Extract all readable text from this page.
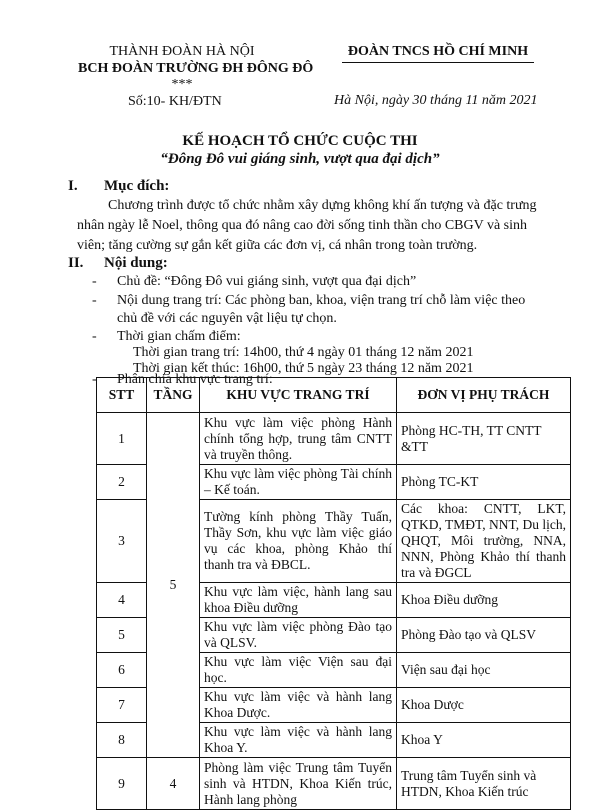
THÀNH ĐOÀN HÀ NỘI
BCH ĐOÀN TRƯỜNG ĐH ĐÔNG ĐÔ
***
Số:10- KH/ĐTN
ĐOÀN TNCS HỒ CHÍ MINH
Hà Nội, ngày 30 tháng 11 năm 2021
KẾ HOẠCH TỔ CHỨC CUỘC THI
“Đông Đô vui giáng sinh, vượt qua đại dịch”
I. Mục đích:
Chương trình được tổ chức nhằm xây dựng không khí ấn tượng và đặc trưng
nhân ngày lễ Noel, thông qua đó nâng cao đời sống tinh thần cho CBGV và sinh
viên; tăng cường sự gắn kết giữa các đơn vị, cá nhân trong toàn trường.
II. Nội dung:
- Chủ đề: “Đông Đô vui giáng sinh, vượt qua đại dịch”
- Nội dung trang trí: Các phòng ban, khoa, viện trang trí chỗ làm việc theo
chủ đề với các nguyên vật liệu tự chọn.
- Thời gian chấm điểm:
Thời gian trang trí: 14h00, thứ 4 ngày 01 tháng 12 năm 2021
Thời gian kết thúc: 16h00, thứ 5 ngày 23 tháng 12 năm 2021
- Phân chia khu vực trang trí:
STT	TẦNG	KHU VỰC TRANG TRÍ	ĐƠN VỊ PHỤ TRÁCH
1	5	Khu vực làm việc phòng Hành chính tổng hợp, trung tâm CNTT và truyền thông.	Phòng HC-TH, TT CNTT &TT
2		Khu vực làm việc phòng Tài chính – Kế toán.	Phòng TC-KT
3		Tường kính phòng Thầy Tuấn, Thầy Sơn, khu vực làm việc giáo vụ các khoa, phòng Khảo thí thanh tra và ĐBCL.	Các khoa: CNTT, LKT, QTKD, TMĐT, NNT, Du lịch, QHQT, Môi trường, NNA, NNN, Phòng Khảo thí thanh tra và ĐGCL
4		Khu vực làm việc, hành lang sau khoa Điều dưỡng	Khoa Điều dưỡng
5		Khu vực làm việc phòng Đào tạo và QLSV.	Phòng Đào tạo và QLSV
6		Khu vực làm việc Viện sau đại học.	Viện sau đại học
7		Khu vực làm việc và hành lang Khoa Dược.	Khoa Dược
8		Khu vực làm việc và hành lang Khoa Y.	Khoa Y
9	4	Phòng làm việc Trung tâm Tuyển sinh và HTDN, Khoa Kiến trúc, Hành lang phòng	Trung tâm Tuyển sinh và HTDN, Khoa Kiến trúc
